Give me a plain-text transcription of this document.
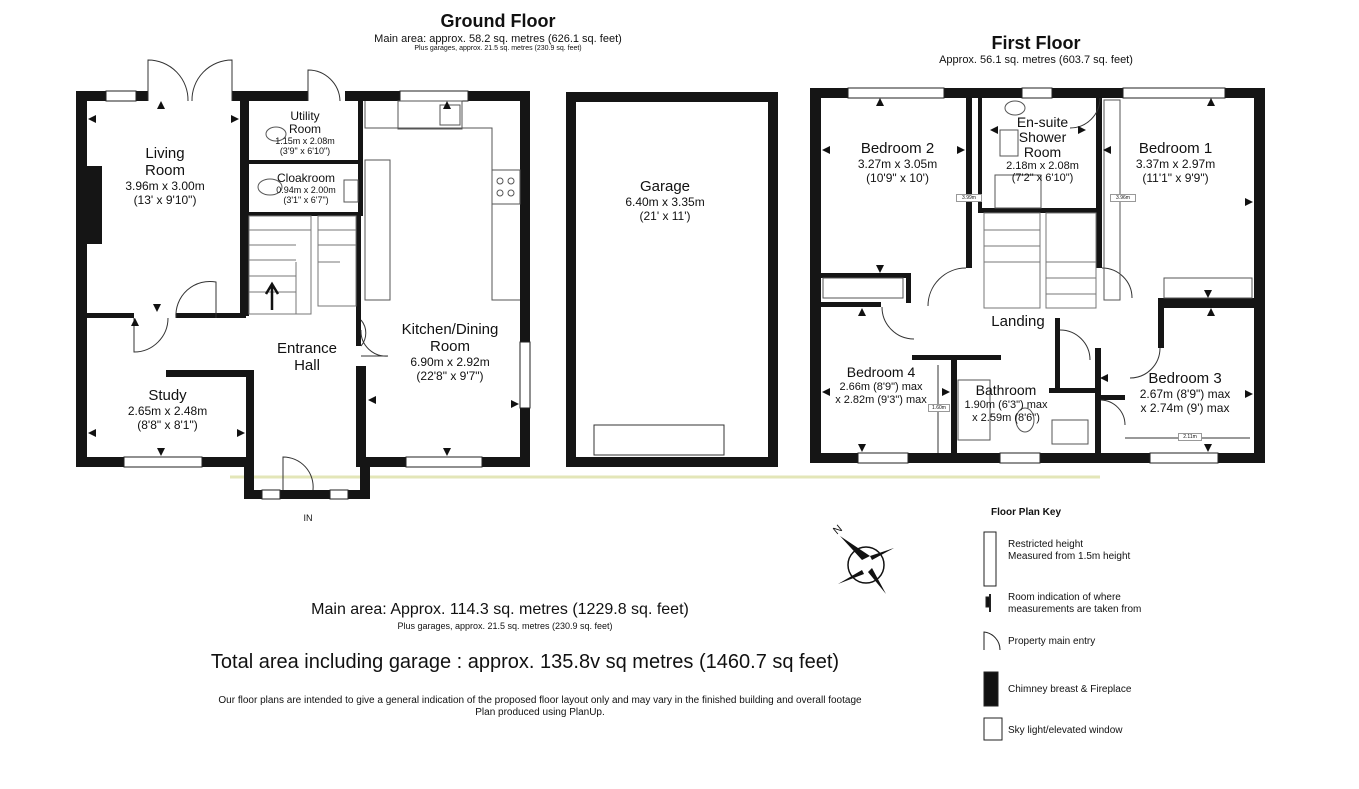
Ground Floor
Main area: approx. 58.2 sq. metres (626.1 sq. feet)
Plus garages, approx. 21.5 sq. metres (230.9 sq. feet)
Living
Room
3.96m x 3.00m
(13' x 9'10")
Utility
Room
1.15m x 2.08m
(3'9" x 6'10")
Cloakroom
0.94m x 2.00m
(3'1" x 6'7")
Kitchen/Dining
Room
6.90m x 2.92m
(22'8" x 9'7")
Entrance
Hall
Study
2.65m x 2.48m
(8'8" x 8'1")
Garage
6.40m x 3.35m
(21' x 11')
IN
First Floor
Approx. 56.1 sq. metres (603.7 sq. feet)
Bedroom 2
3.27m x 3.05m
(10'9" x 10')
En-suite
Shower
Room
2.18m x 2.08m
(7'2" x 6'10")
Bedroom 1
3.37m x 2.97m
(11'1" x 9'9")
Landing
Bedroom 4
2.66m (8'9") max
x 2.82m (9'3") max
Bathroom
1.90m (6'3") max
x 2.59m (8'6")
Bedroom 3
2.67m (8'9") max
x 2.74m (9') max
3.99m	3.96m
1.60m
2.11m
N
Main area: Approx. 114.3 sq. metres (1229.8 sq. feet)
Plus garages, approx. 21.5 sq. metres (230.9 sq. feet)
Total area including garage : approx. 135.8v sq metres (1460.7 sq feet)
Our floor plans are intended to give a general indication of the proposed floor layout only and may vary in the finished building and overall footage
Plan produced using PlanUp.
Floor Plan Key
Restricted height
Measured from 1.5m height
Room indication of where
measurements are taken from
Property main entry
Chimney breast & Fireplace
Sky light/elevated window
